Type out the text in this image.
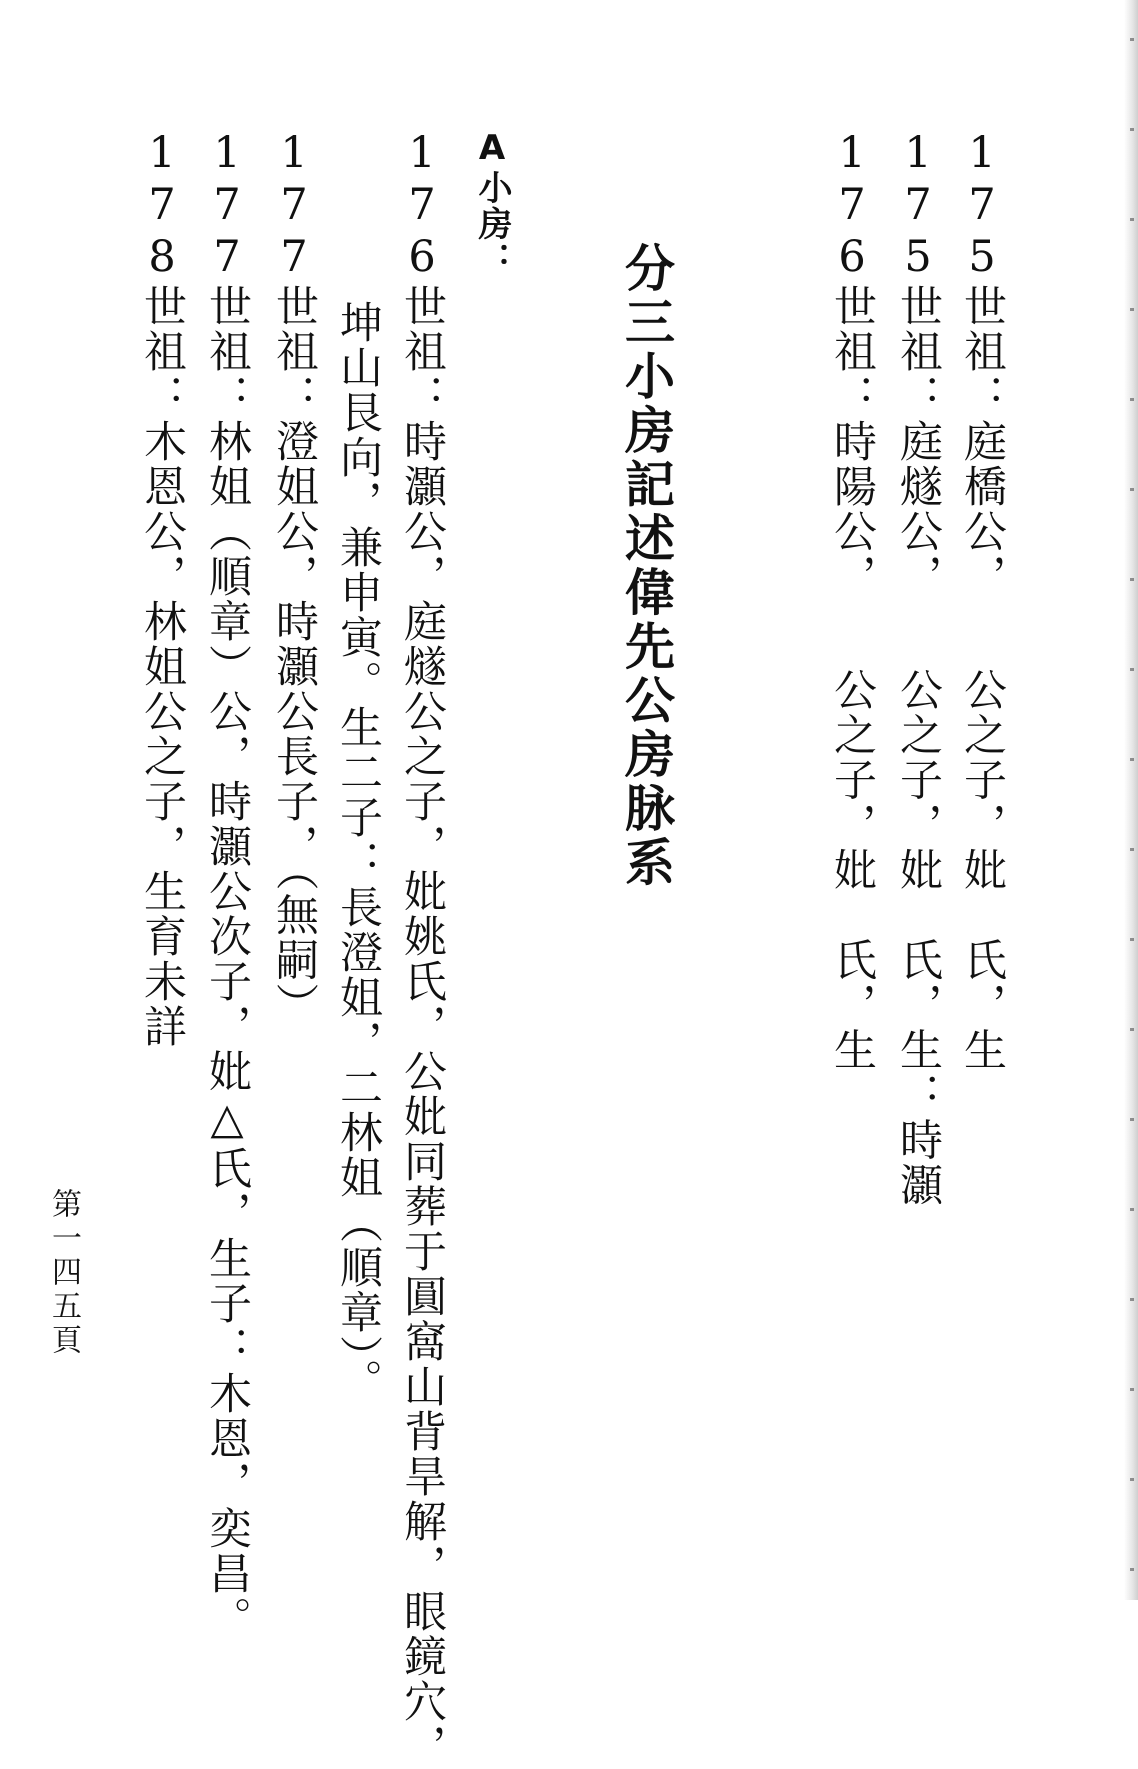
175世祖：庭橋公，　　公之子，妣　氏，生
175世祖：庭燧公，　　公之子，妣　氏，生：時灝
176世祖：時陽公，　　公之子，妣　氏，生
分三小房記述偉先公房脉系
A小房：
176世祖：時灝公，庭燧公之子，妣姚氏，公妣同葬于圓窩山背旱解，眼鏡穴，
坤山艮向，兼申寅。生二子：長澄姐，二林姐（順章）。
177世祖：澄姐公，時灝公長子，（無嗣）
177世祖：林姐（順章）公，時灝公次子，妣△氏，生子：木恩，奕昌。
178世祖：木恩公，林姐公之子，生育未詳
第一四五頁
